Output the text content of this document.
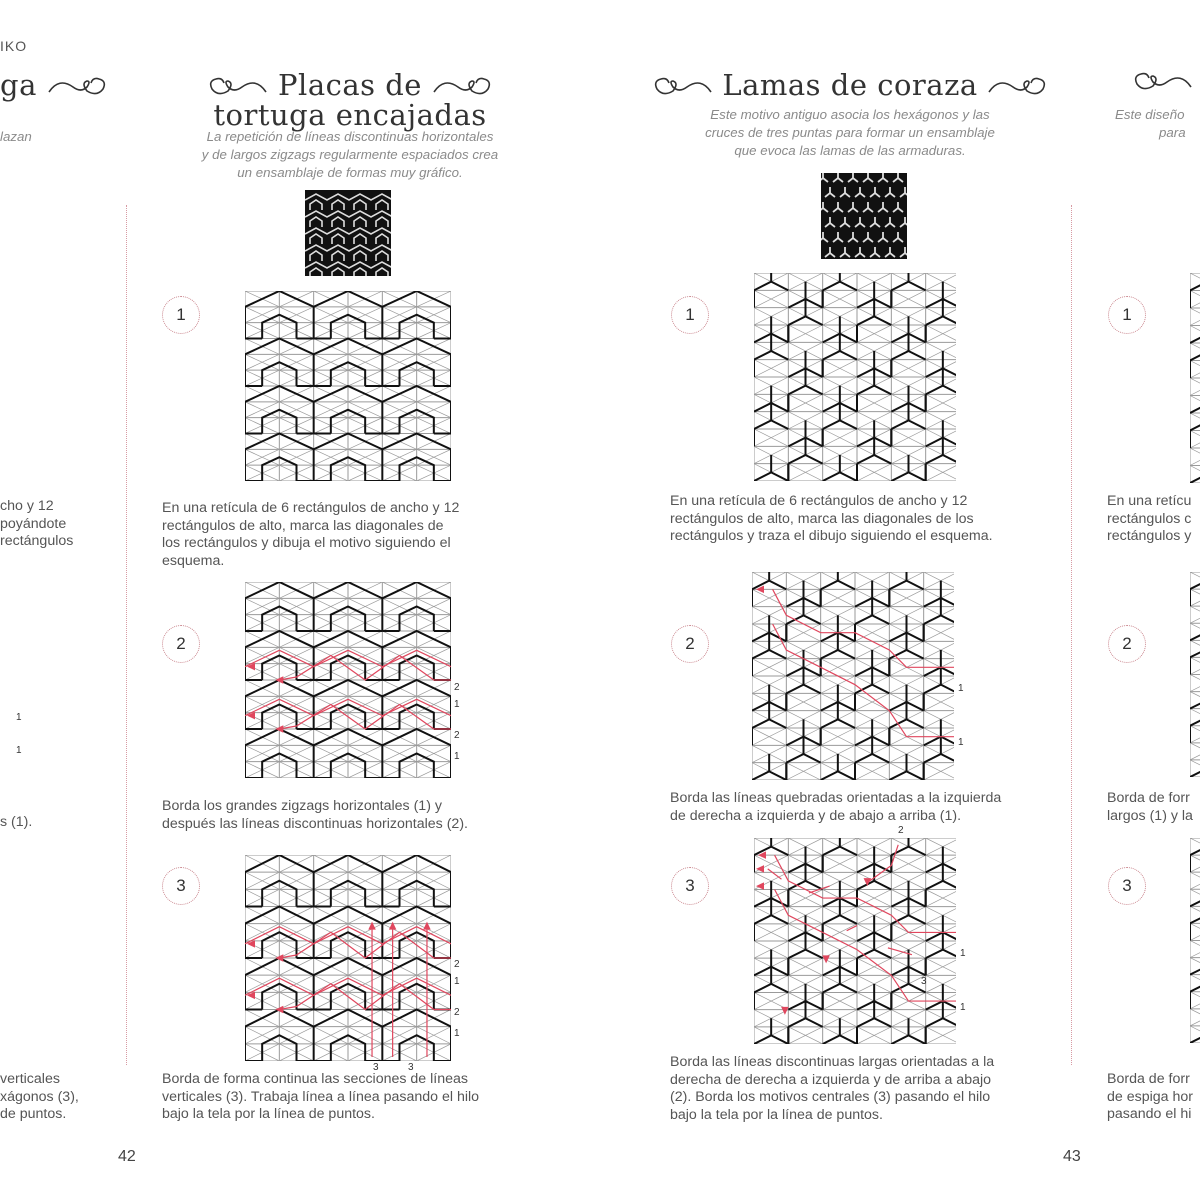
IKO
ga
lazan
cho y 12
poyándote
rectángulos
1
1
s (1).
verticales
xágonos (3),
de puntos.
42
Placas de
tortuga encajadas
La repetición de líneas discontinuas horizontales
y de largos zigzags regularmente espaciados crea
un ensamblaje de formas muy gráfico.
1
En una retícula de 6 rectángulos de ancho y 12
rectángulos de alto, marca las diagonales de
los rectángulos y dibuja el motivo siguiendo el
esquema.
2
2
1
2
1
Borda los grandes zigzags horizontales (1) y
después las líneas discontinuas horizontales (2).
3
2
1
2
1
3	3
Borda de forma continua las secciones de líneas
verticales (3). Trabaja línea a línea pasando el hilo
bajo la tela por la línea de puntos.
43
Lamas de coraza
Este motivo antiguo asocia los hexágonos y las
cruces de tres puntas para formar un ensamblaje
que evoca las lamas de las armaduras.
1
En una retícula de 6 rectángulos de ancho y 12
rectángulos de alto, marca las diagonales de los
rectángulos y traza el dibujo siguiendo el esquema.
2
1
1
Borda las líneas quebradas orientadas a la izquierda
de derecha a izquierda y de abajo a arriba (1).
2
3
1
1
3
Borda las líneas discontinuas largas orientadas a la
derecha de derecha a izquierda y de arriba a abajo
(2). Borda los motivos centrales (3) pasando el hilo
bajo la tela por la línea de puntos.
Este diseño
para
1
En una retícu
rectángulos c
rectángulos y
2
Borda de forr
largos (1) y la
3
Borda de forr
de espiga hor
pasando el hi
